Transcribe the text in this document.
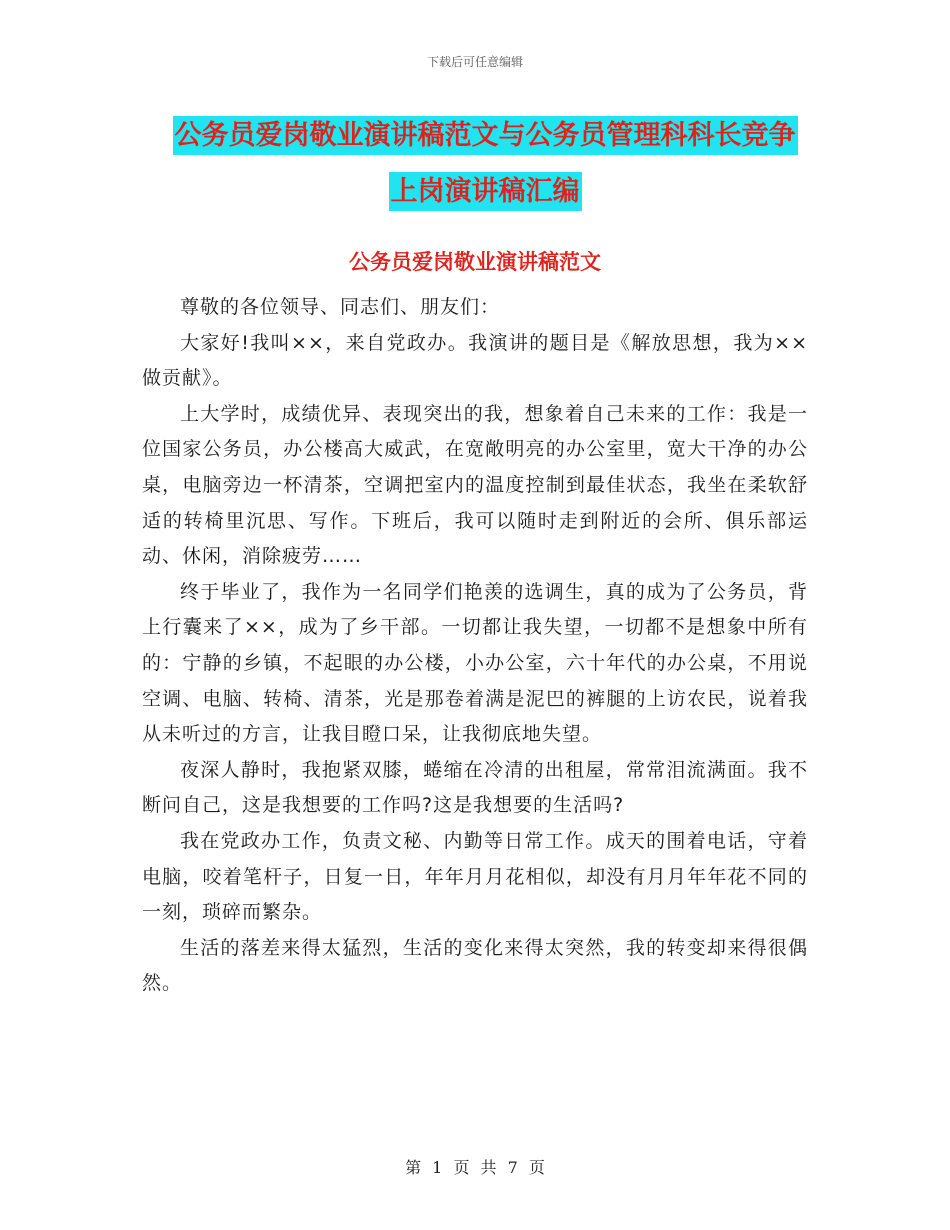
下载后可任意编辑
公务员爱岗敬业演讲稿范文与公务员管理科科长竞争
上岗演讲稿汇编
公务员爱岗敬业演讲稿范文

尊敬的各位领导、同志们、朋友们：

大家好!我叫××，来自党政办。我演讲的题目是《解放思想，我为××做贡献》。

上大学时，成绩优异、表现突出的我，想象着自己未来的工作：我是一位国家公务员，办公楼高大威武，在宽敞明亮的办公室里，宽大干净的办公桌，电脑旁边一杯清茶，空调把室内的温度控制到最佳状态，我坐在柔软舒适的转椅里沉思、写作。下班后，我可以随时走到附近的会所、俱乐部运动、休闲，消除疲劳……

终于毕业了，我作为一名同学们艳羡的选调生，真的成为了公务员，背上行囊来了××，成为了乡干部。一切都让我失望，一切都不是想象中所有的：宁静的乡镇，不起眼的办公楼，小办公室，六十年代的办公桌，不用说空调、电脑、转椅、清茶，光是那卷着满是泥巴的裤腿的上访农民，说着我从未听过的方言，让我目瞪口呆，让我彻底地失望。

夜深人静时，我抱紧双膝，蜷缩在冷清的出租屋，常常泪流满面。我不断问自己，这是我想要的工作吗?这是我想要的生活吗?

我在党政办工作，负责文秘、内勤等日常工作。成天的围着电话，守着电脑，咬着笔杆子，日复一日，年年月月花相似，却没有月月年年花不同的一刻，琐碎而繁杂。

生活的落差来得太猛烈，生活的变化来得太突然，我的转变却来得很偶然。

第 1 页 共 7 页
